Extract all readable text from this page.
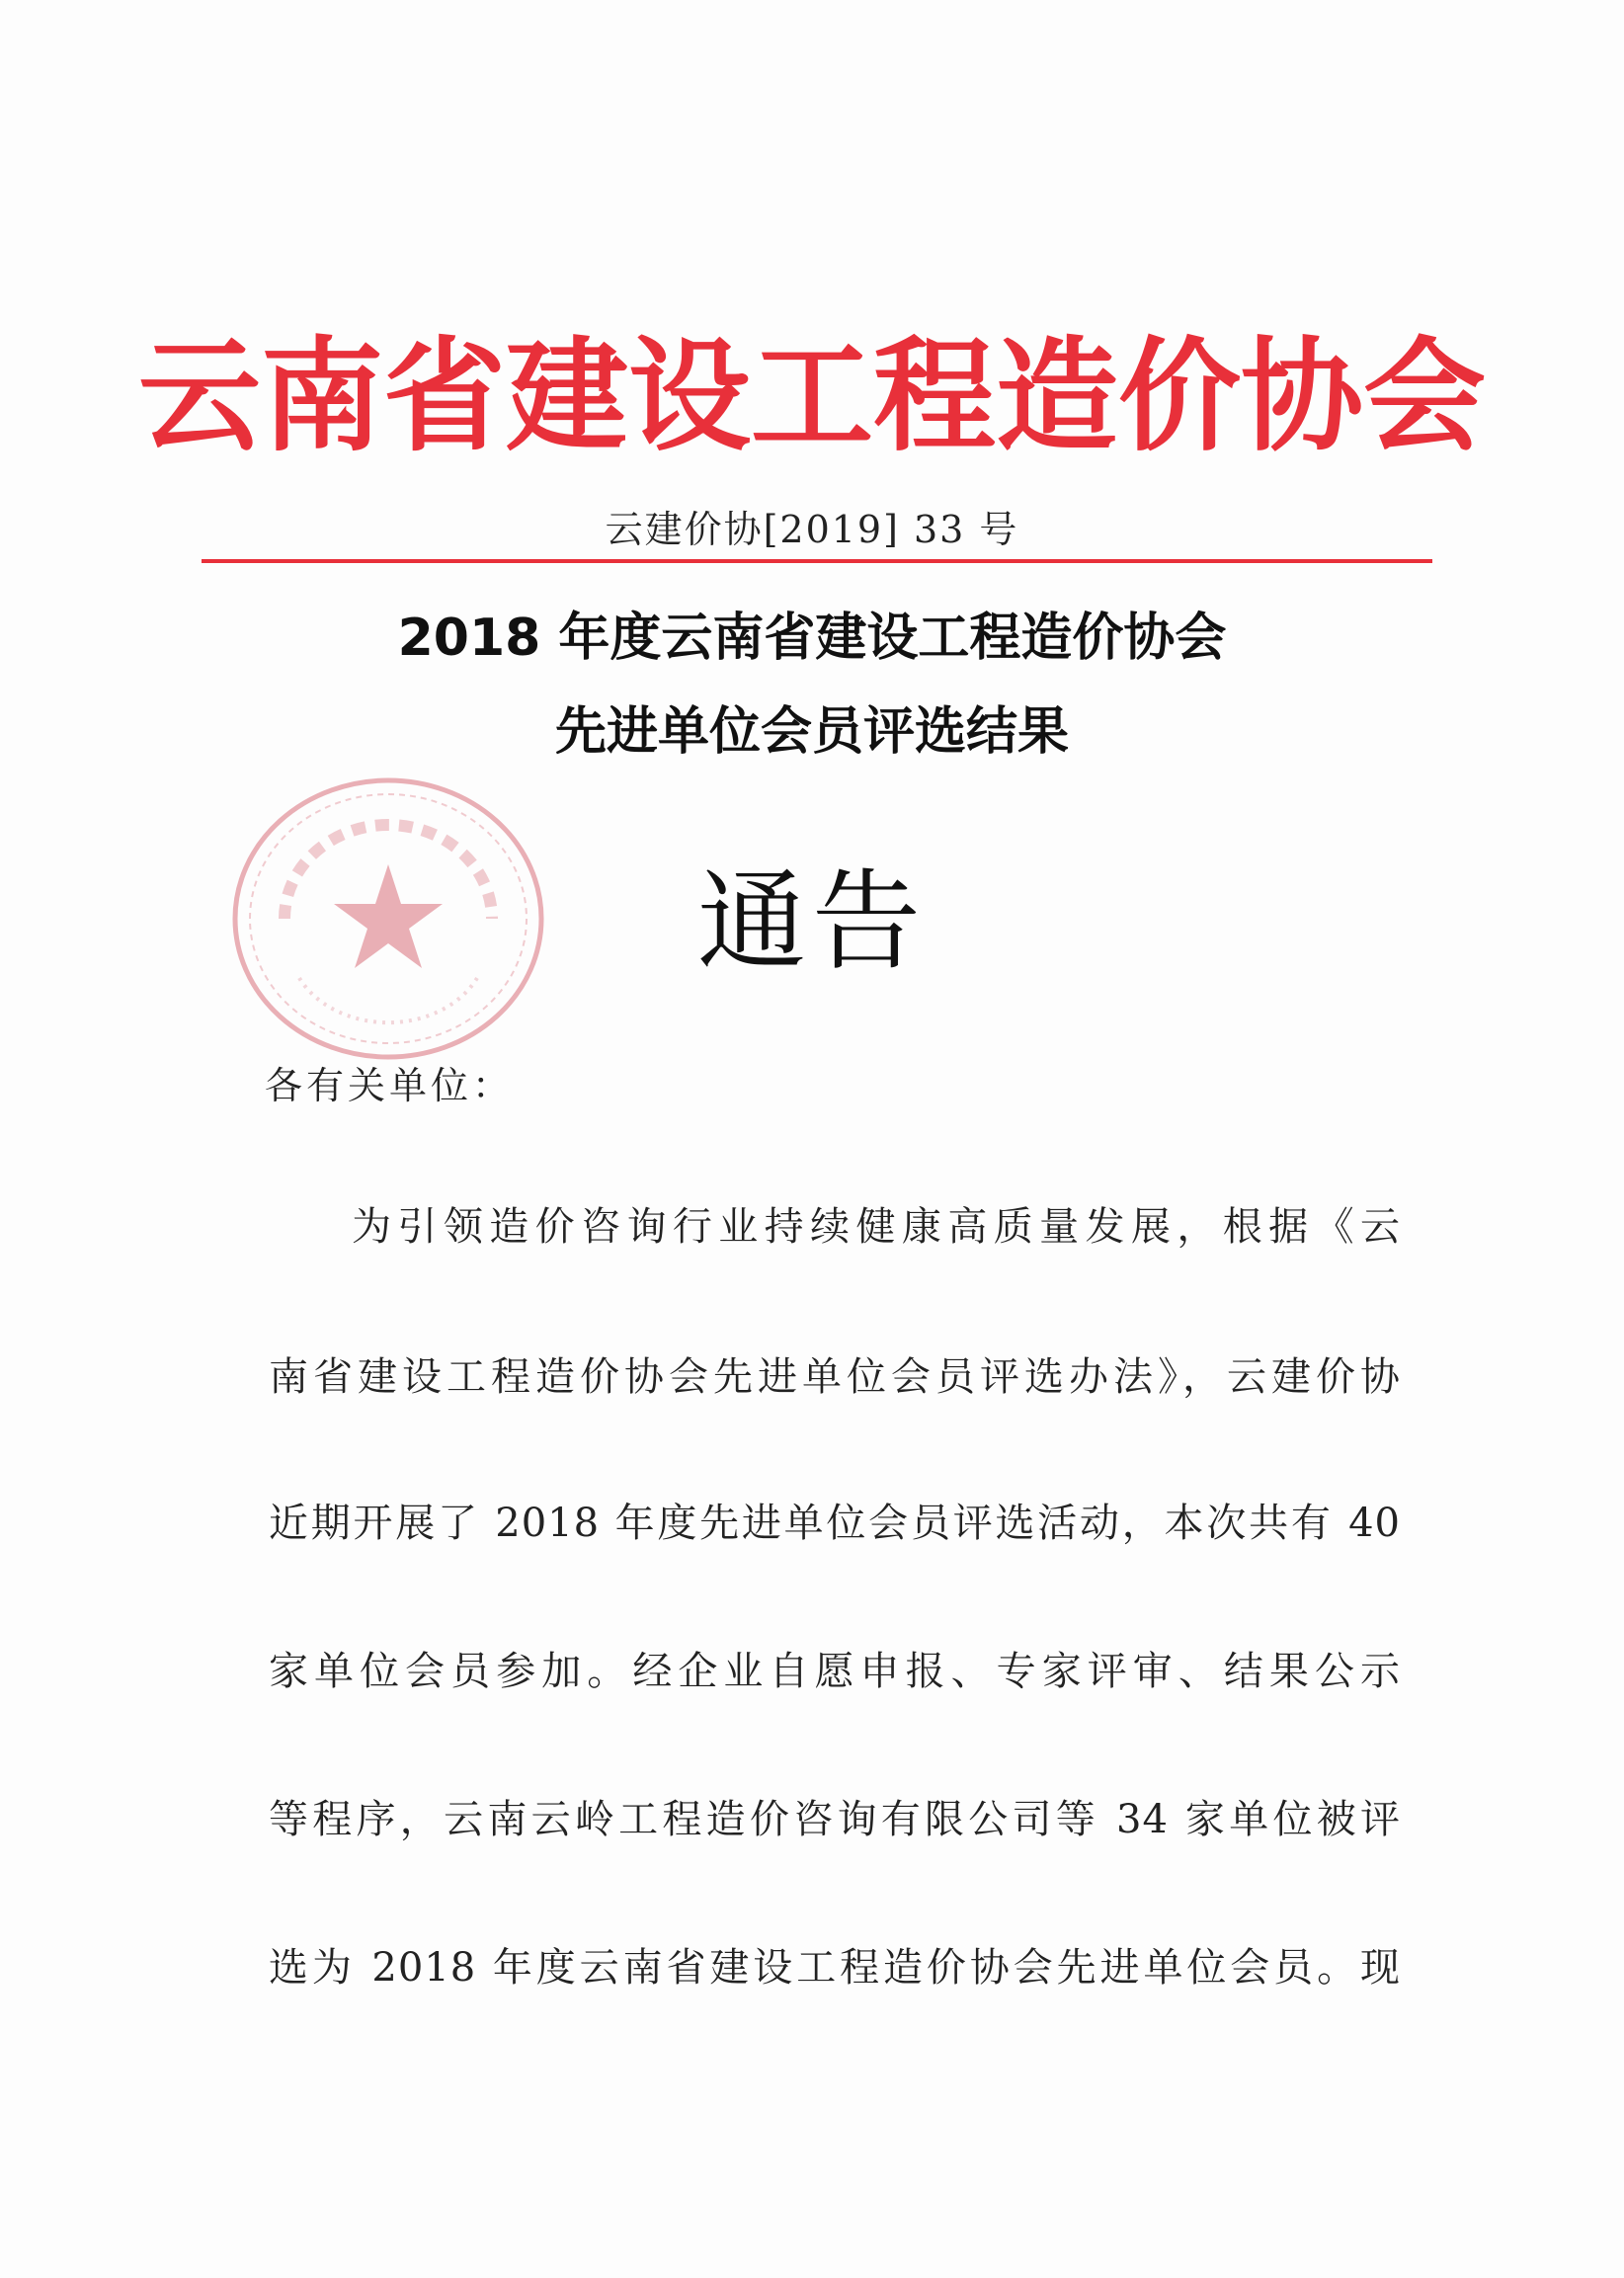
云南省建设工程造价协会
云建价协[2019] 33 号
2018 年度云南省建设工程造价协会
先进单位会员评选结果
通告
各有关单位：
为引领造价咨询行业持续健康高质量发展，根据《云
南省建设工程造价协会先进单位会员评选办法》，云建价协
近期开展了 2018 年度先进单位会员评选活动，本次共有 40
家单位会员参加。经企业自愿申报、专家评审、结果公示
等程序，云南云岭工程造价咨询有限公司等 34 家单位被评
选为 2018 年度云南省建设工程造价协会先进单位会员。现
